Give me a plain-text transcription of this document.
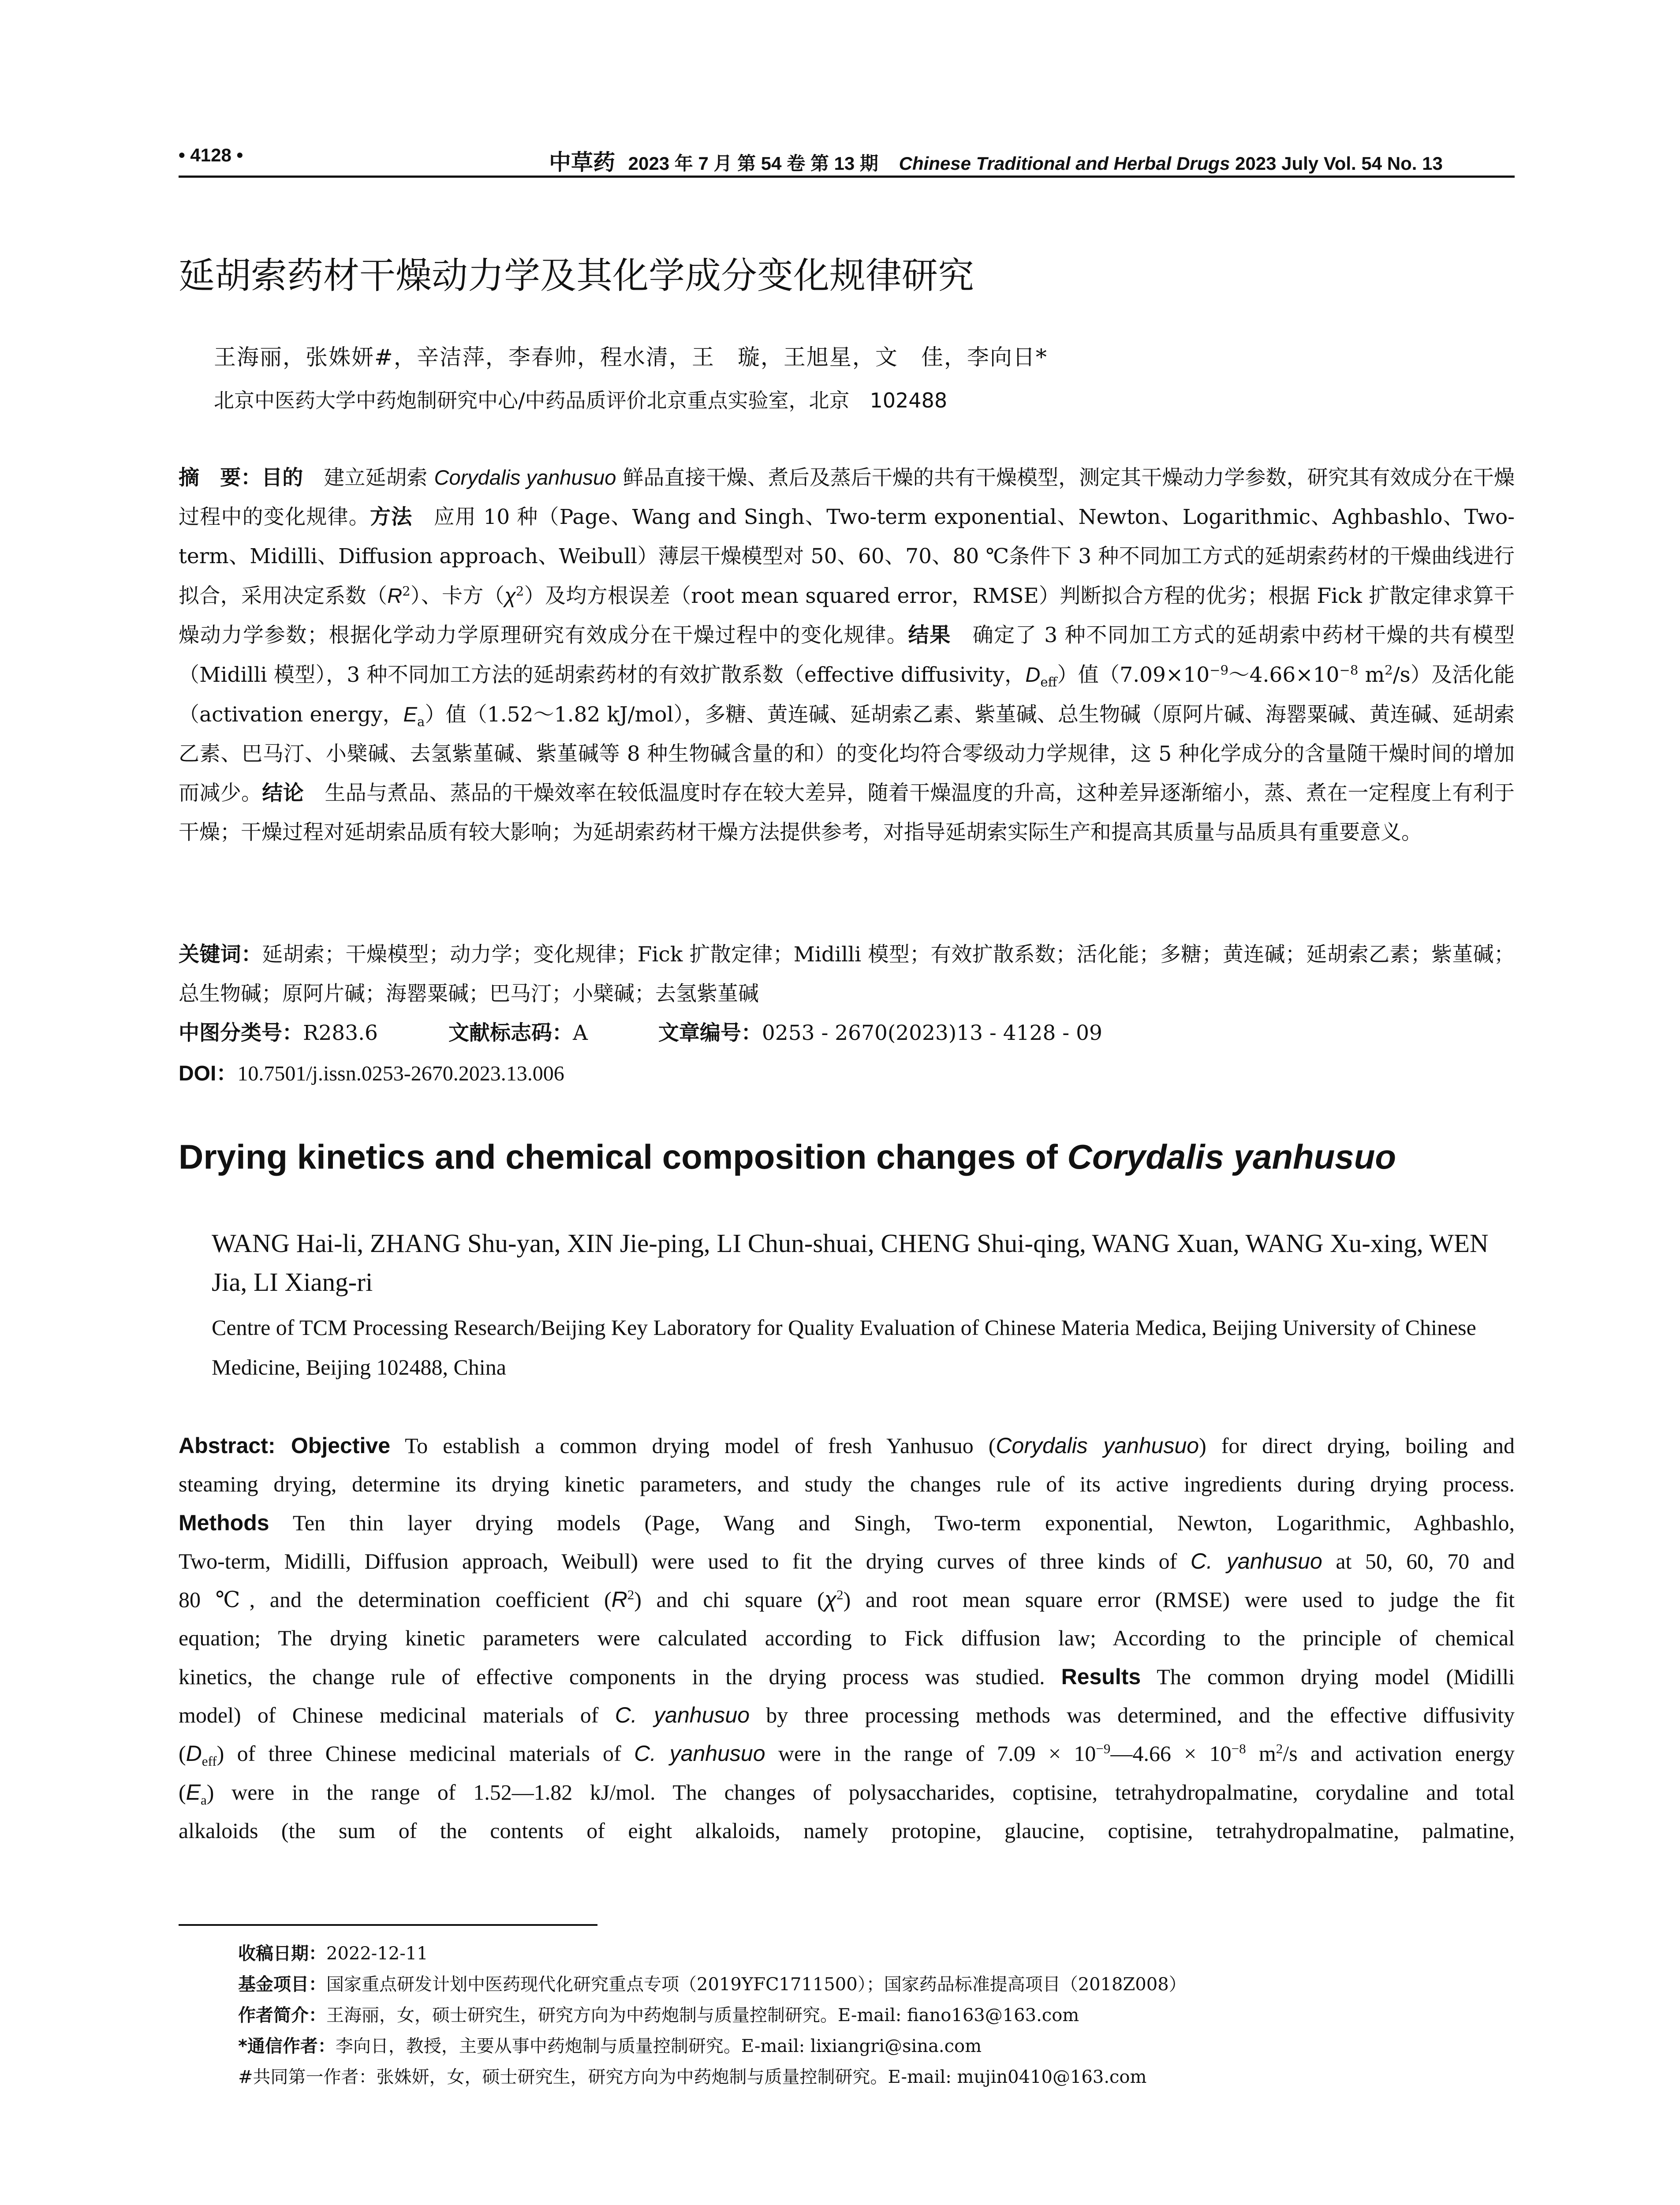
• 4128 •	中草药 2023 年 7 月 第 54 卷 第 13 期 Chinese Traditional and Herbal Drugs 2023 July Vol. 54 No. 13
延胡索药材干燥动力学及其化学成分变化规律研究
王海丽，张姝妍#，辛洁萍，李春帅，程水清，王　璇，王旭星，文　佳，李向日*
北京中医药大学中药炮制研究中心/中药品质评价北京重点实验室，北京　102488
摘　要：目的　建立延胡索 Corydalis yanhusuo 鲜品直接干燥、煮后及蒸后干燥的共有干燥模型，测定其干燥动力学参数，研究其有效成分在干燥过程中的变化规律。方法　应用 10 种（Page、Wang and Singh、Two-term exponential、Newton、Logarithmic、Aghbashlo、Two-term、Midilli、Diffusion approach、Weibull）薄层干燥模型对 50、60、70、80 ℃条件下 3 种不同加工方式的延胡索药材的干燥曲线进行拟合，采用决定系数$(R^2)$、卡方$(\chi^2)$及均方根误差（root mean squared error，RMSE）判断拟合方程的优劣；根据 Fick 扩散定律求算干燥动力学参数；根据化学动力学原理研究有效成分在干燥过程中的变化规律。结果　确定了 3 种不同加工方式的延胡索中药材干燥的共有模型（Midilli 模型），3 种不同加工方法的延胡索药材的有效扩散系数（effective diffusivity，$D_{eff}$）值（$7.09\times 10^{-9}\sim 4.66\times 10^{-8}$ $m^2/s$）及活化能（activation energy，$E_a$）值（1.52～1.82 kJ/mol），多糖、黄连碱、延胡索乙素、紫堇碱、总生物碱（原阿片碱、海罂粟碱、黄连碱、延胡索乙素、巴马汀、小檗碱、去氢紫堇碱、紫堇碱等 8 种生物碱含量的和）的变化均符合零级动力学规律，这 5 种化学成分的含量随干燥时间的增加而减少。结论　生品与煮品、蒸品的干燥效率在较低温度时存在较大差异，随着干燥温度的升高，这种差异逐渐缩小，蒸、煮在一定程度上有利于干燥；干燥过程对延胡索品质有较大影响；为延胡索药材干燥方法提供参考，对指导延胡索实际生产和提高其质量与品质具有重要意义。
关键词：延胡索；干燥模型；动力学；变化规律；Fick 扩散定律；Midilli 模型；有效扩散系数；活化能；多糖；黄连碱；延胡索乙素；紫堇碱；总生物碱；原阿片碱；海罂粟碱；巴马汀；小檗碱；去氢紫堇碱
中图分类号：R283.6	文献标志码：A	文章编号：0253 - 2670(2023)13 - 4128 - 09
DOI：10.7501/j.issn.0253-2670.2023.13.006
Drying kinetics and chemical composition changes of Corydalis yanhusuo
WANG Hai-li, ZHANG Shu-yan, XIN Jie-ping, LI Chun-shuai, CHENG Shui-qing, WANG Xuan, WANG Xu-xing, WEN Jia, LI Xiang-ri
Centre of TCM Processing Research/Beijing Key Laboratory for Quality Evaluation of Chinese Materia Medica, Beijing University of Chinese Medicine, Beijing 102488, China
Abstract: Objective To establish a common drying model of fresh Yanhusuo (Corydalis yanhusuo) for direct drying, boiling and
steaming drying, determine its drying kinetic parameters, and study the changes rule of its active ingredients during drying process.
Methods Ten thin layer drying models (Page, Wang and Singh, Two-term exponential, Newton, Logarithmic, Aghbashlo,
Two-term, Midilli, Diffusion approach, Weibull) were used to fit the drying curves of three kinds of C. yanhusuo at 50, 60, 70 and
80 ℃, and the determination coefficient $(R^2)$ and chi square $(\chi^2)$ and root mean square error (RMSE) were used to judge the fit
equation; The drying kinetic parameters were calculated according to Fick diffusion law; According to the principle of chemical
kinetics, the change rule of effective components in the drying process was studied. Results The common drying model (Midilli
model) of Chinese medicinal materials of C. yanhusuo by three processing methods was determined, and the effective diffusivity
$(D_{eff})$ of three Chinese medicinal materials of C. yanhusuo were in the range of $7.09 \times 10^{-9}—4.66 \times 10^{-8}$ $m^2/s$ and activation energy
$(E_a)$ were in the range of 1.52—1.82 kJ/mol. The changes of polysaccharides, coptisine, tetrahydropalmatine, corydaline and total
alkaloids (the sum of the contents of eight alkaloids, namely protopine, glaucine, coptisine, tetrahydropalmatine, palmatine,
收稿日期：2022-12-11
基金项目：国家重点研发计划中医药现代化研究重点专项（2019YFC1711500）；国家药品标准提高项目（2018Z008）
作者简介：王海丽，女，硕士研究生，研究方向为中药炮制与质量控制研究。E-mail: fiano163@163.com
*通信作者：李向日，教授，主要从事中药炮制与质量控制研究。E-mail: lixiangri@sina.com
#共同第一作者：张姝妍，女，硕士研究生，研究方向为中药炮制与质量控制研究。E-mail: mujin0410@163.com
